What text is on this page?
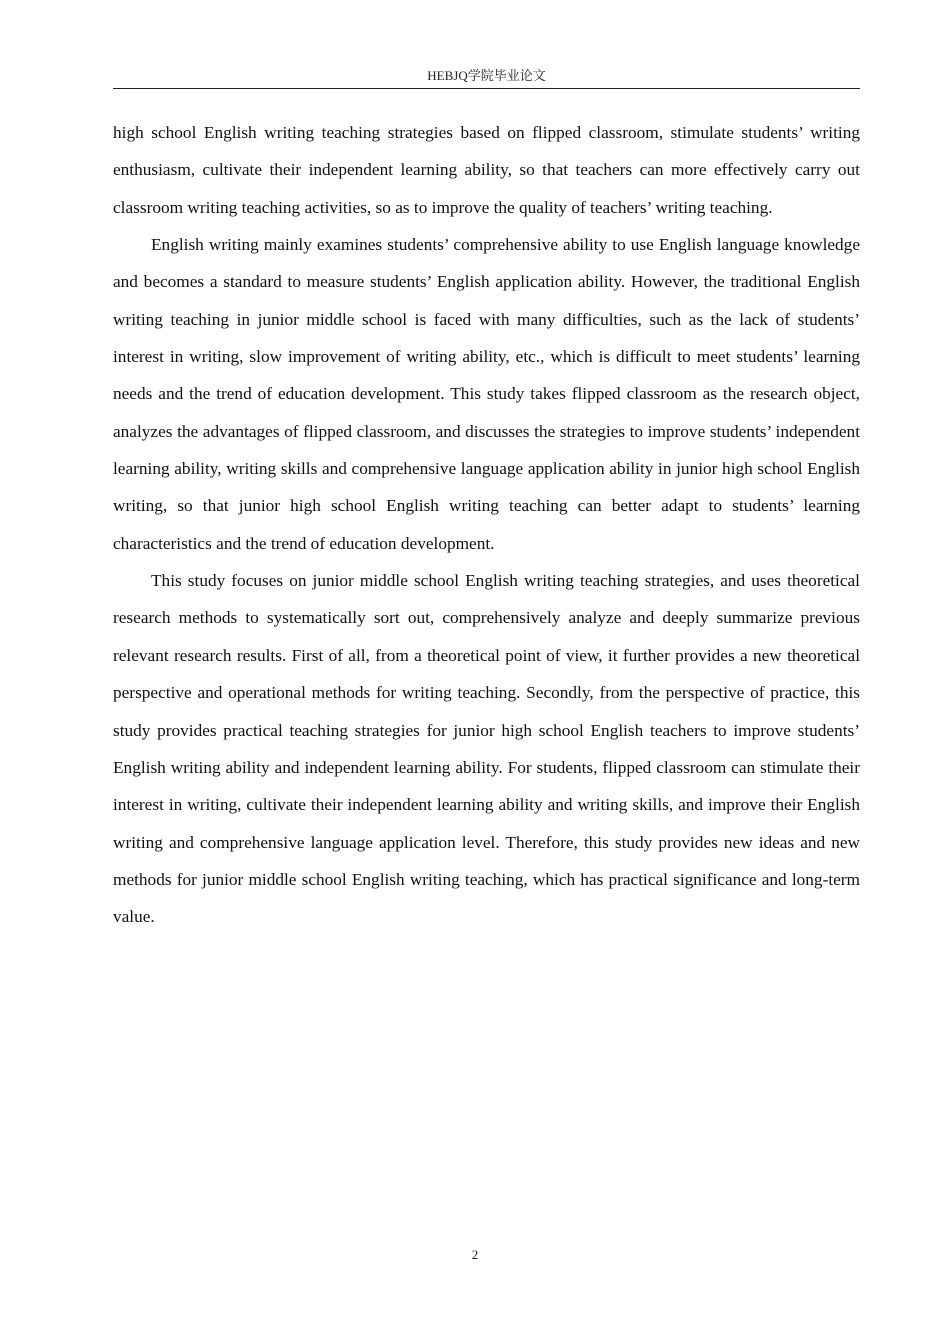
HEBJQ学院毕业论文

high school English writing teaching strategies based on flipped classroom, stimulate students’ writing enthusiasm, cultivate their independent learning ability, so that teachers can more effectively carry out classroom writing teaching activities, so as to improve the quality of teachers’ writing teaching.

English writing mainly examines students’ comprehensive ability to use English language knowledge and becomes a standard to measure students’ English application ability. However, the traditional English writing teaching in junior middle school is faced with many difficulties, such as the lack of students’ interest in writing, slow improvement of writing ability, etc., which is difficult to meet students’ learning needs and the trend of education development. This study takes flipped classroom as the research object, analyzes the advantages of flipped classroom, and discusses the strategies to improve students’ independent learning ability, writing skills and comprehensive language application ability in junior high school English writing, so that junior high school English writing teaching can better adapt to students’ learning characteristics and the trend of education development.

This study focuses on junior middle school English writing teaching strategies, and uses theoretical research methods to systematically sort out, comprehensively analyze and deeply summarize previous relevant research results. First of all, from a theoretical point of view, it further provides a new theoretical perspective and operational methods for writing teaching. Secondly, from the perspective of practice, this study provides practical teaching strategies for junior high school English teachers to improve students’ English writing ability and independent learning ability. For students, flipped classroom can stimulate their interest in writing, cultivate their independent learning ability and writing skills, and improve their English writing and comprehensive language application level. Therefore, this study provides new ideas and new methods for junior middle school English writing teaching, which has practical significance and long-term value.

2
